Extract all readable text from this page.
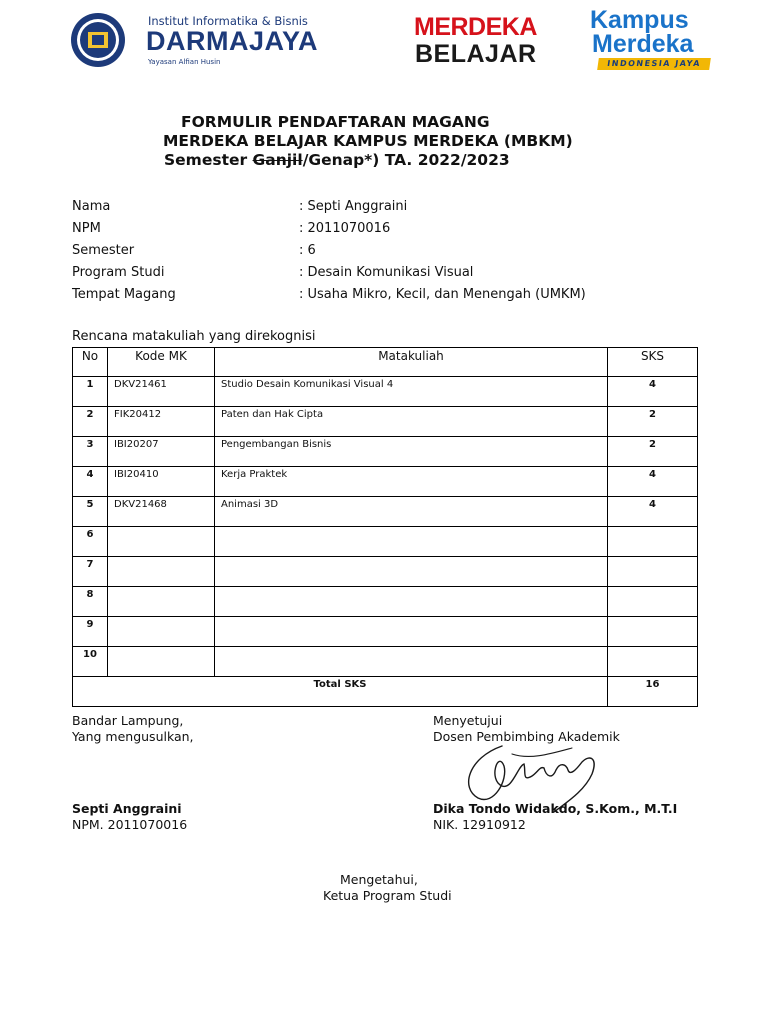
Institut Informatika & Bisnis
DARMAJAYA
Yayasan Alfian Husin
MERDEKA
BELAJAR
Kampus
Merdeka
INDONESIA JAYA
FORMULIR PENDAFTARAN MAGANG
MERDEKA BELAJAR KAMPUS MERDEKA (MBKM)
Semester Ganjil/Genap*) TA. 2022/2023
Nama	: Septi Anggraini
NPM	: 2011070016
Semester	: 6
Program Studi	: Desain Komunikasi Visual
Tempat Magang	: Usaha Mikro, Kecil, dan Menengah (UMKM)
Rencana matakuliah yang direkognisi
No	Kode MK	Matakuliah	SKS
1	DKV21461	Studio Desain Komunikasi Visual 4	4
2	FIK20412	Paten dan Hak Cipta	2
3	IBI20207	Pengembangan Bisnis	2
4	IBI20410	Kerja Praktek	4
5	DKV21468	Animasi 3D	4
6			
7			
8			
9			
10			
Total SKS			16
Bandar Lampung,
Yang mengusulkan,
Septi Anggraini
NPM. 2011070016
Menyetujui
Dosen Pembimbing Akademik
Dika Tondo Widakdo, S.Kom., M.T.I
NIK. 12910912
Mengetahui,
Ketua Program Studi
